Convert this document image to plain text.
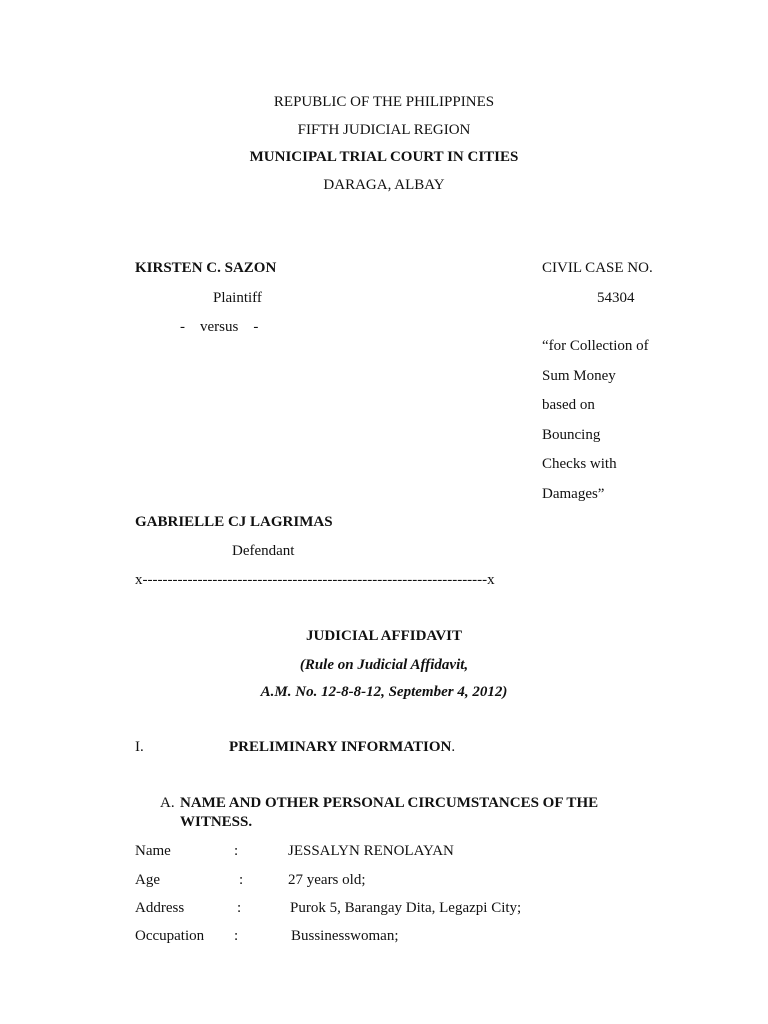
REPUBLIC OF THE PHILIPPINES
FIFTH JUDICIAL REGION
MUNICIPAL TRIAL COURT IN CITIES
DARAGA, ALBAY
KIRSTEN C. SAZON
Plaintiff
-    versus    -
GABRIELLE CJ LAGRIMAS
Defendant
CIVIL CASE NO.
54304
“for Collection of
Sum Money
based on
Bouncing
Checks with
Damages”
x---------------------------------------------------------------------x
JUDICIAL AFFIDAVIT
(Rule on Judicial Affidavit,
A.M. No. 12-8-8-12, September 4, 2012)
I.	PRELIMINARY INFORMATION.
A. NAME AND OTHER PERSONAL CIRCUMSTANCES OF THE
WITNESS.
Name	:	JESSALYN RENOLAYAN
Age	:	27 years old;
Address	:	Purok 5, Barangay Dita, Legazpi City;
Occupation :	Bussinesswoman;
